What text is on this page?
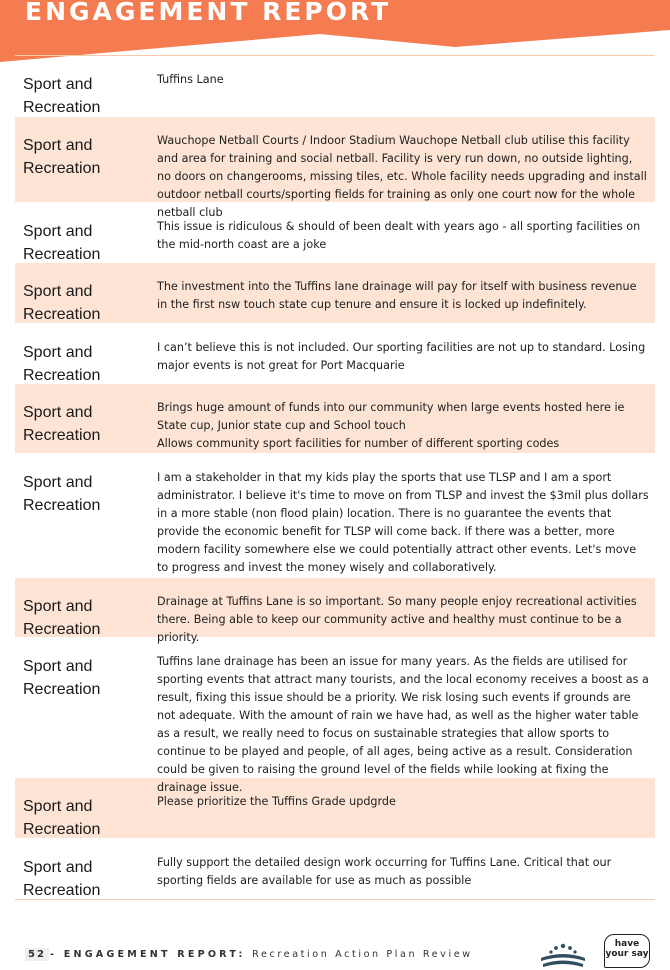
ENGAGEMENT REPORT
Sport and Recreation
Tuffins Lane
Sport and Recreation
Wauchope Netball Courts / Indoor Stadium Wauchope Netball club utilise this facility and area for training and social netball. Facility is very run down, no outside lighting, no doors on changerooms, missing tiles, etc. Whole facility needs upgrading and install outdoor netball courts/sporting fields for training as only one court now for the whole netball club
Sport and Recreation
This issue is ridiculous & should of been dealt with years ago - all sporting facilities on the mid-north coast are a joke
Sport and Recreation
The investment into the Tuffins lane drainage will pay for itself with business revenue in the first nsw touch state cup tenure and ensure it is locked up indefinitely.
Sport and Recreation
I can’t believe this is not included. Our sporting facilities are not up to standard. Losing major events is not great for Port Macquarie
Sport and Recreation
Brings huge amount of funds into our community when large events hosted here ie State cup, Junior state cup and School touch
Allows community sport facilities for number of different sporting codes
Sport and Recreation
I am a stakeholder in that my kids play the sports that use TLSP and I am a sport administrator. I believe it's time to move on from TLSP and invest the $3mil plus dollars in a more stable (non flood plain) location. There is no guarantee the events that provide the economic benefit for TLSP will come back. If there was a better, more modern facility somewhere else we could potentially attract other events. Let's move to progress and invest the money wisely and collaboratively.
Sport and Recreation
Drainage at Tuffins Lane is so important. So many people enjoy recreational activities there. Being able to keep our community active and healthy must continue to be a priority.
Sport and Recreation
Tuffins lane drainage has been an issue for many years. As the fields are utilised for sporting events that attract many tourists, and the local economy receives a boost as a result, fixing this issue should be a priority. We risk losing such events if grounds are not adequate. With the amount of rain we have had, as well as the higher water table as a result, we really need to focus on sustainable strategies that allow sports to continue to be played and people, of all ages, being active as a result. Consideration could be given to raising the ground level of the fields while looking at fixing the drainage issue.
Sport and Recreation
Please prioritize the Tuffins Grade updgrde
Sport and Recreation
Fully support the detailed design work occurring for Tuffins Lane. Critical that our sporting fields are available for use as much as possible
52 - ENGAGEMENT REPORT: Recreation Action Plan Review
have
your say
